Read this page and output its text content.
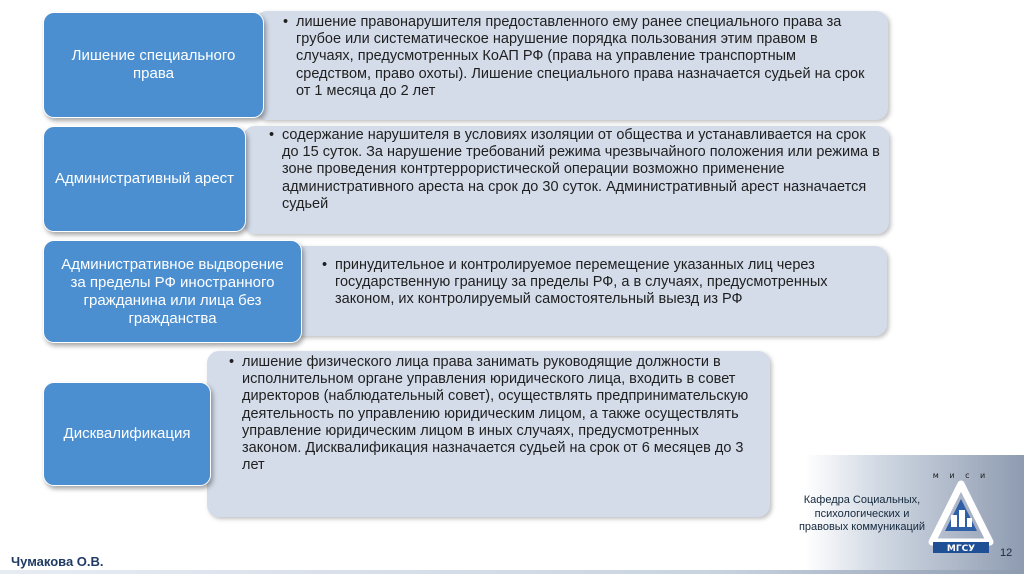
• лишение правонарушителя предоставленного ему ранее специального права за грубое или систематическое нарушение порядка пользования этим правом в случаях, предусмотренных КоАП РФ (права на управление транспортным средством, право охоты). Лишение специального права назначается судьей на срок от 1 месяца до 2 лет
Лишение специального права
• содержание нарушителя в условиях изоляции от общества и устанавливается на срок до 15 суток. За нарушение требований режима чрезвычайного положения или режима в зоне проведения контртеррористической операции возможно применение административного ареста на срок до 30 суток. Административный арест назначается судьей
Административный арест
• принудительное и контролируемое перемещение указанных лиц через государственную границу за пределы РФ, а в случаях, предусмотренных законом, их контролируемый самостоятельный выезд из РФ
Административное выдворение за пределы РФ иностранного гражданина или лица без гражданства
• лишение физического лица права занимать руководящие должности в исполнительном органе управления юридического лица, входить в совет директоров (наблюдательный совет), осуществлять предпринимательскую деятельность по управлению юридическим лицом, а также осуществлять управление юридическим лицом в иных случаях, предусмотренных законом. Дисквалификация назначается судьей на срок от 6 месяцев до 3 лет
Дисквалификация
Кафедра Социальных, психологических и правовых коммуникаций
м и с и
МГСУ 12
Чумакова О.В.
